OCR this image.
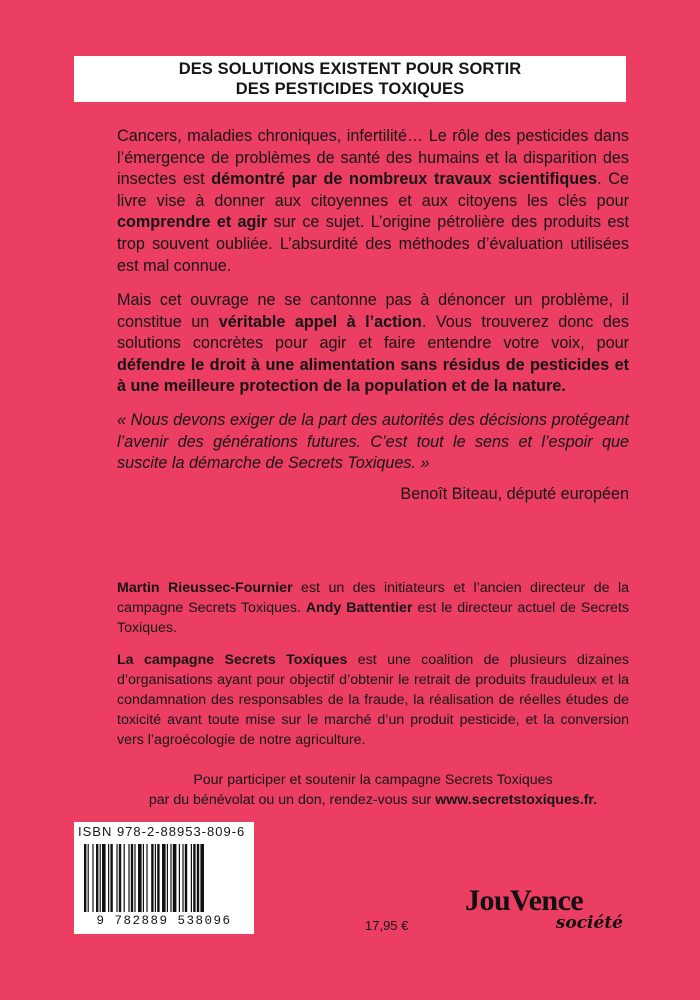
DES SOLUTIONS EXISTENT POUR SORTIR
DES PESTICIDES TOXIQUES

Cancers, maladies chroniques, infertilité… Le rôle des pesticides dans l’émergence de problèmes de santé des humains et la disparition des insectes est démontré par de nombreux travaux scientifiques. Ce livre vise à donner aux citoyennes et aux citoyens les clés pour comprendre et agir sur ce sujet. L’origine pétrolière des produits est trop souvent oubliée. L’absurdité des méthodes d’évaluation utilisées est mal connue.

Mais cet ouvrage ne se cantonne pas à dénoncer un problème, il constitue un véritable appel à l’action. Vous trouverez donc des solutions concrètes pour agir et faire entendre votre voix, pour défendre le droit à une alimentation sans résidus de pesticides et à une meilleure protection de la population et de la nature.

« Nous devons exiger de la part des autorités des décisions protégeant l’avenir des générations futures. C’est tout le sens et l’espoir que suscite la démarche de Secrets Toxiques. »

Benoît Biteau, député européen

Martin Rieussec-Fournier est un des initiateurs et l’ancien directeur de la campagne Secrets Toxiques. Andy Battentier est le directeur actuel de Secrets Toxiques.

La campagne Secrets Toxiques est une coalition de plusieurs dizaines d’organisations ayant pour objectif d’obtenir le retrait de produits frauduleux et la condamnation des responsables de la fraude, la réalisation de réelles études de toxicité avant toute mise sur le marché d’un produit pesticide, et la conversion vers l’agroécologie de notre agriculture.

Pour participer et soutenir la campagne Secrets Toxiques
par du bénévolat ou un don, rendez-vous sur www.secretstoxiques.fr.

ISBN 978-2-88953-809-6
9 782889 538096	17,95 €
JouVence
société
